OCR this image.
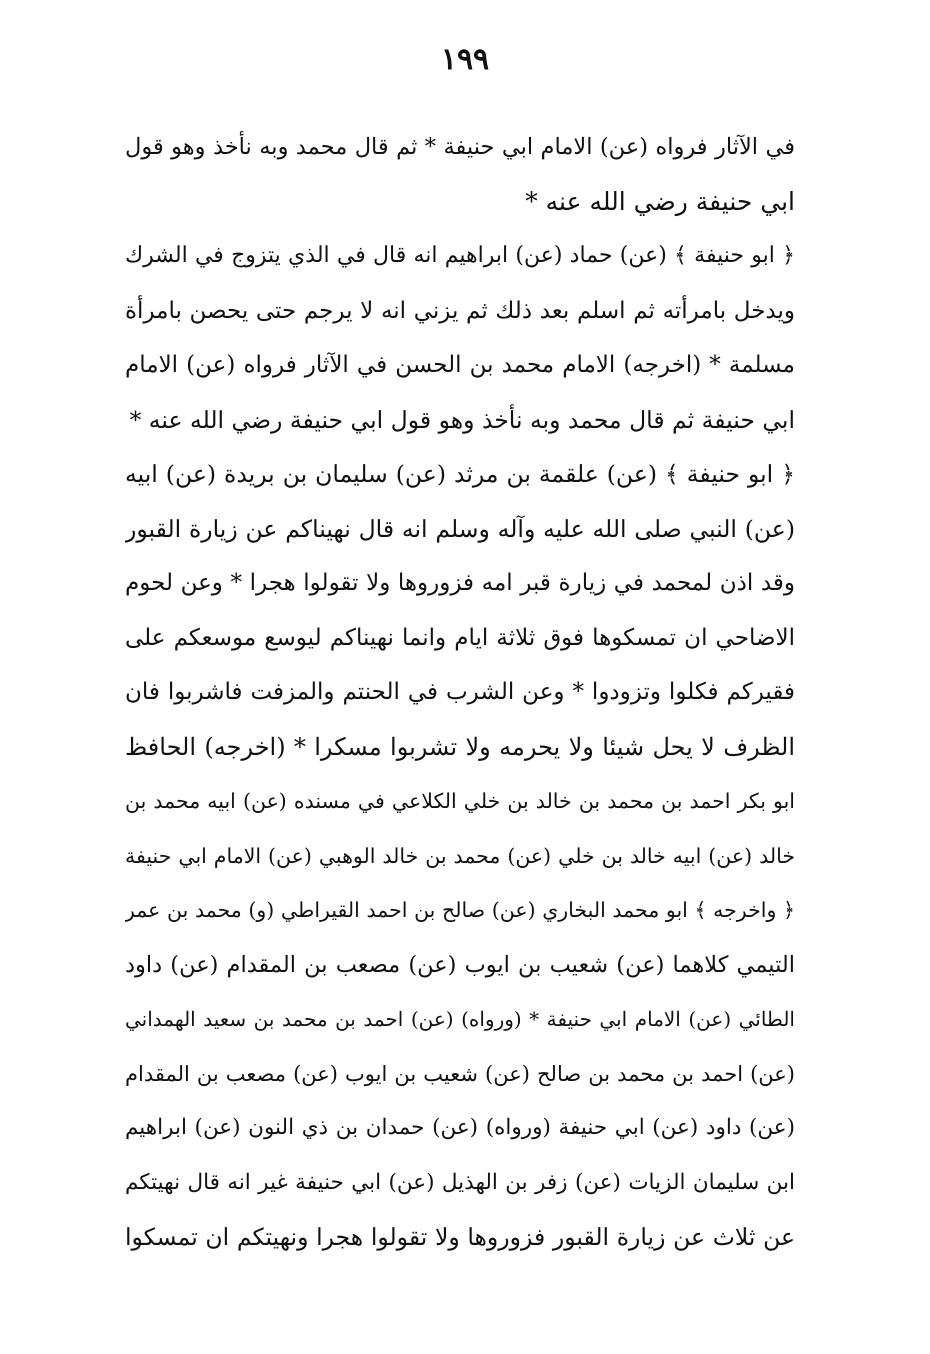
١٩٩
في الآثار فرواه (عن) الامام ابي حنيفة * ثم قال محمد وبه نأخذ وهو قول
ابي حنيفة رضي الله عنه *
﴿ ابو حنيفة ﴾ (عن) حماد (عن) ابراهيم انه قال في الذي يتزوج في الشرك
ويدخل بامرأته ثم اسلم بعد ذلك ثم يزني انه لا يرجم حتى يحصن بامرأة
مسلمة * (اخرجه) الامام محمد بن الحسن في الآثار فرواه (عن) الامام
ابي حنيفة ثم قال محمد وبه نأخذ وهو قول ابي حنيفة رضي الله عنه *
﴿ ابو حنيفة ﴾ (عن) علقمة بن مرثد (عن) سليمان بن بريدة (عن) ابيه
(عن) النبي صلى الله عليه وآله وسلم انه قال نهيناكم عن زيارة القبور
وقد اذن لمحمد في زيارة قبر امه فزوروها ولا تقولوا هجرا * وعن لحوم
الاضاحي ان تمسكوها فوق ثلاثة ايام وانما نهيناكم ليوسع موسعكم على
فقيركم فكلوا وتزودوا * وعن الشرب في الحنتم والمزفت فاشربوا فان
الظرف لا يحل شيئا ولا يحرمه ولا تشربوا مسكرا * (اخرجه) الحافظ
ابو بكر احمد بن محمد بن خالد بن خلي الكلاعي في مسنده (عن) ابيه محمد بن
خالد (عن) ابيه خالد بن خلي (عن) محمد بن خالد الوهبي (عن) الامام ابي حنيفة
﴿ واخرجه ﴾ ابو محمد البخاري (عن) صالح بن احمد القيراطي (و) محمد بن عمر
التيمي كلاهما (عن) شعيب بن ايوب (عن) مصعب بن المقدام (عن) داود
الطائي (عن) الامام ابي حنيفة * (ورواه) (عن) احمد بن محمد بن سعيد الهمداني
(عن) احمد بن محمد بن صالح (عن) شعيب بن ايوب (عن) مصعب بن المقدام
(عن) داود (عن) ابي حنيفة (ورواه) (عن) حمدان بن ذي النون (عن) ابراهيم
ابن سليمان الزيات (عن) زفر بن الهذيل (عن) ابي حنيفة غير انه قال نهيتكم
عن ثلاث عن زيارة القبور فزوروها ولا تقولوا هجرا ونهيتكم ان تمسكوا
